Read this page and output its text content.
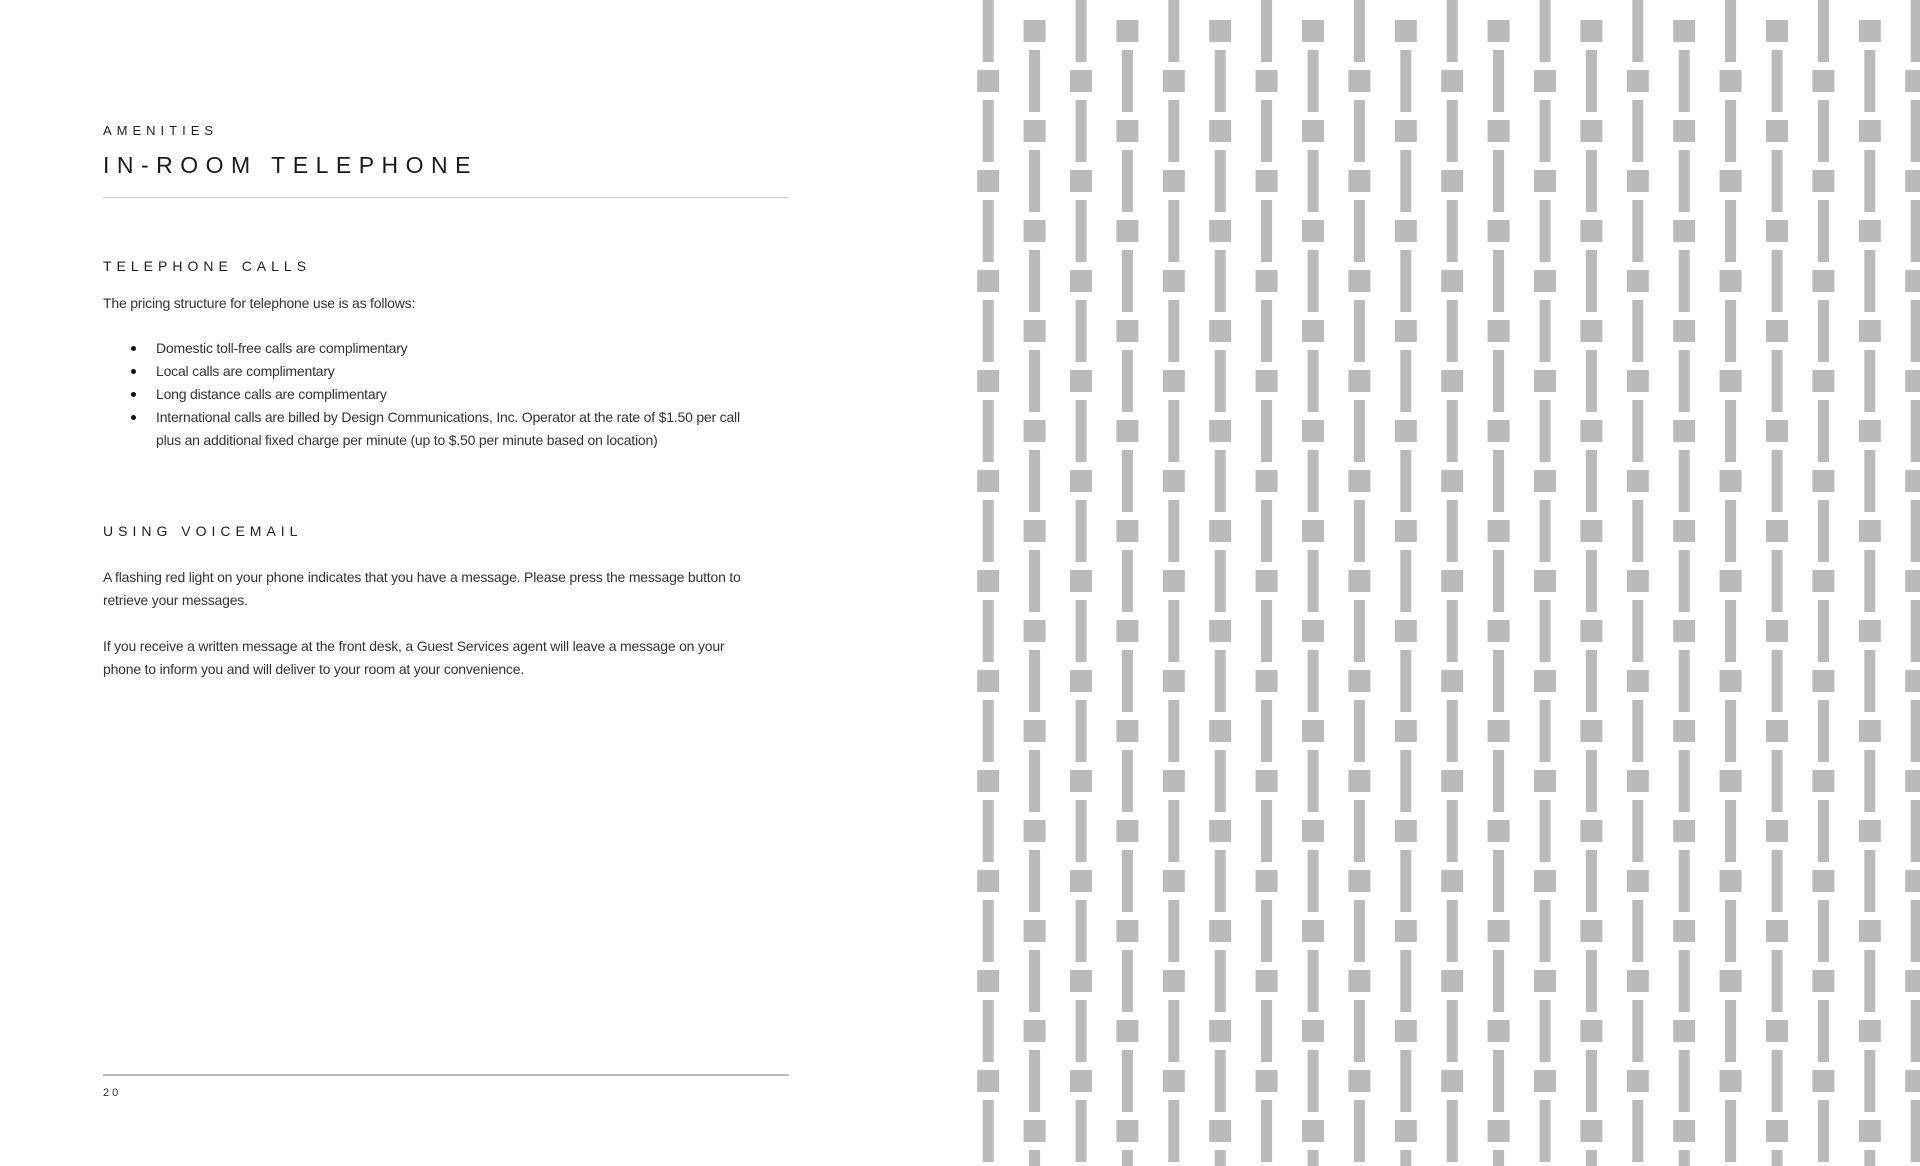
AMENITIES
IN-ROOM TELEPHONE
TELEPHONE CALLS

The pricing structure for telephone use is as follows:

Domestic toll-free calls are complimentary
Local calls are complimentary
Long distance calls are complimentary
International calls are billed by Design Communications, Inc. Operator at the rate of $1.50 per call plus an additional fixed charge per minute (up to $.50 per minute based on location)
USING VOICEMAIL

A flashing red light on your phone indicates that you have a message. Please press the message button to retrieve your messages.

If you receive a written message at the front desk, a Guest Services agent will leave a message on your phone to inform you and will deliver to your room at your convenience.

20
